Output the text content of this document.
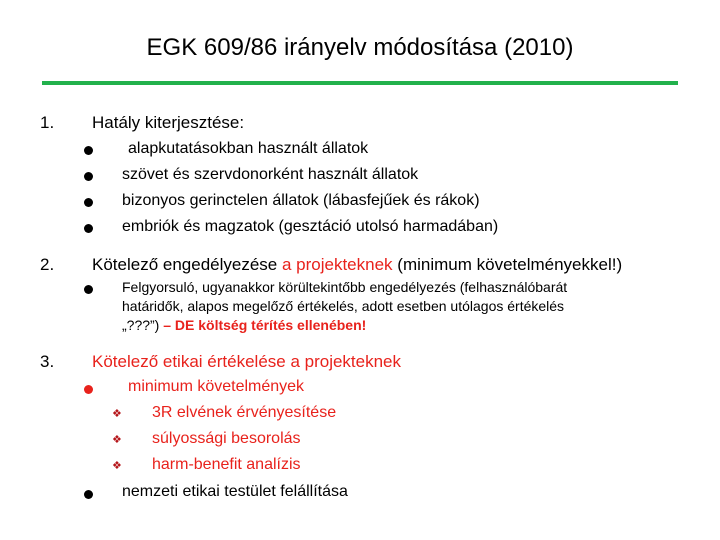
EGK 609/86 irányelv módosítása (2010)
1. Hatály kiterjesztése:
alapkutatásokban használt állatok
szövet és szervdonorként használt állatok
bizonyos gerinctelen állatok (lábasfejűek és rákok)
embriók és magzatok (gesztáció utolsó harmadában)
2. Kötelező engedélyezése a projekteknek (minimum követelményekkel!)
Felgyorsuló, ugyanakkor körültekintőbb engedélyezés (felhasználóbarát
határidők, alapos megelőző értékelés, adott esetben utólagos értékelés
„???”) – DE költség térítés ellenében!
3. Kötelező etikai értékelése a projekteknek
minimum követelmények
❖ 3R elvének érvényesítése
❖ súlyossági besorolás
❖ harm-benefit analízis
nemzeti etikai testület felállítása
